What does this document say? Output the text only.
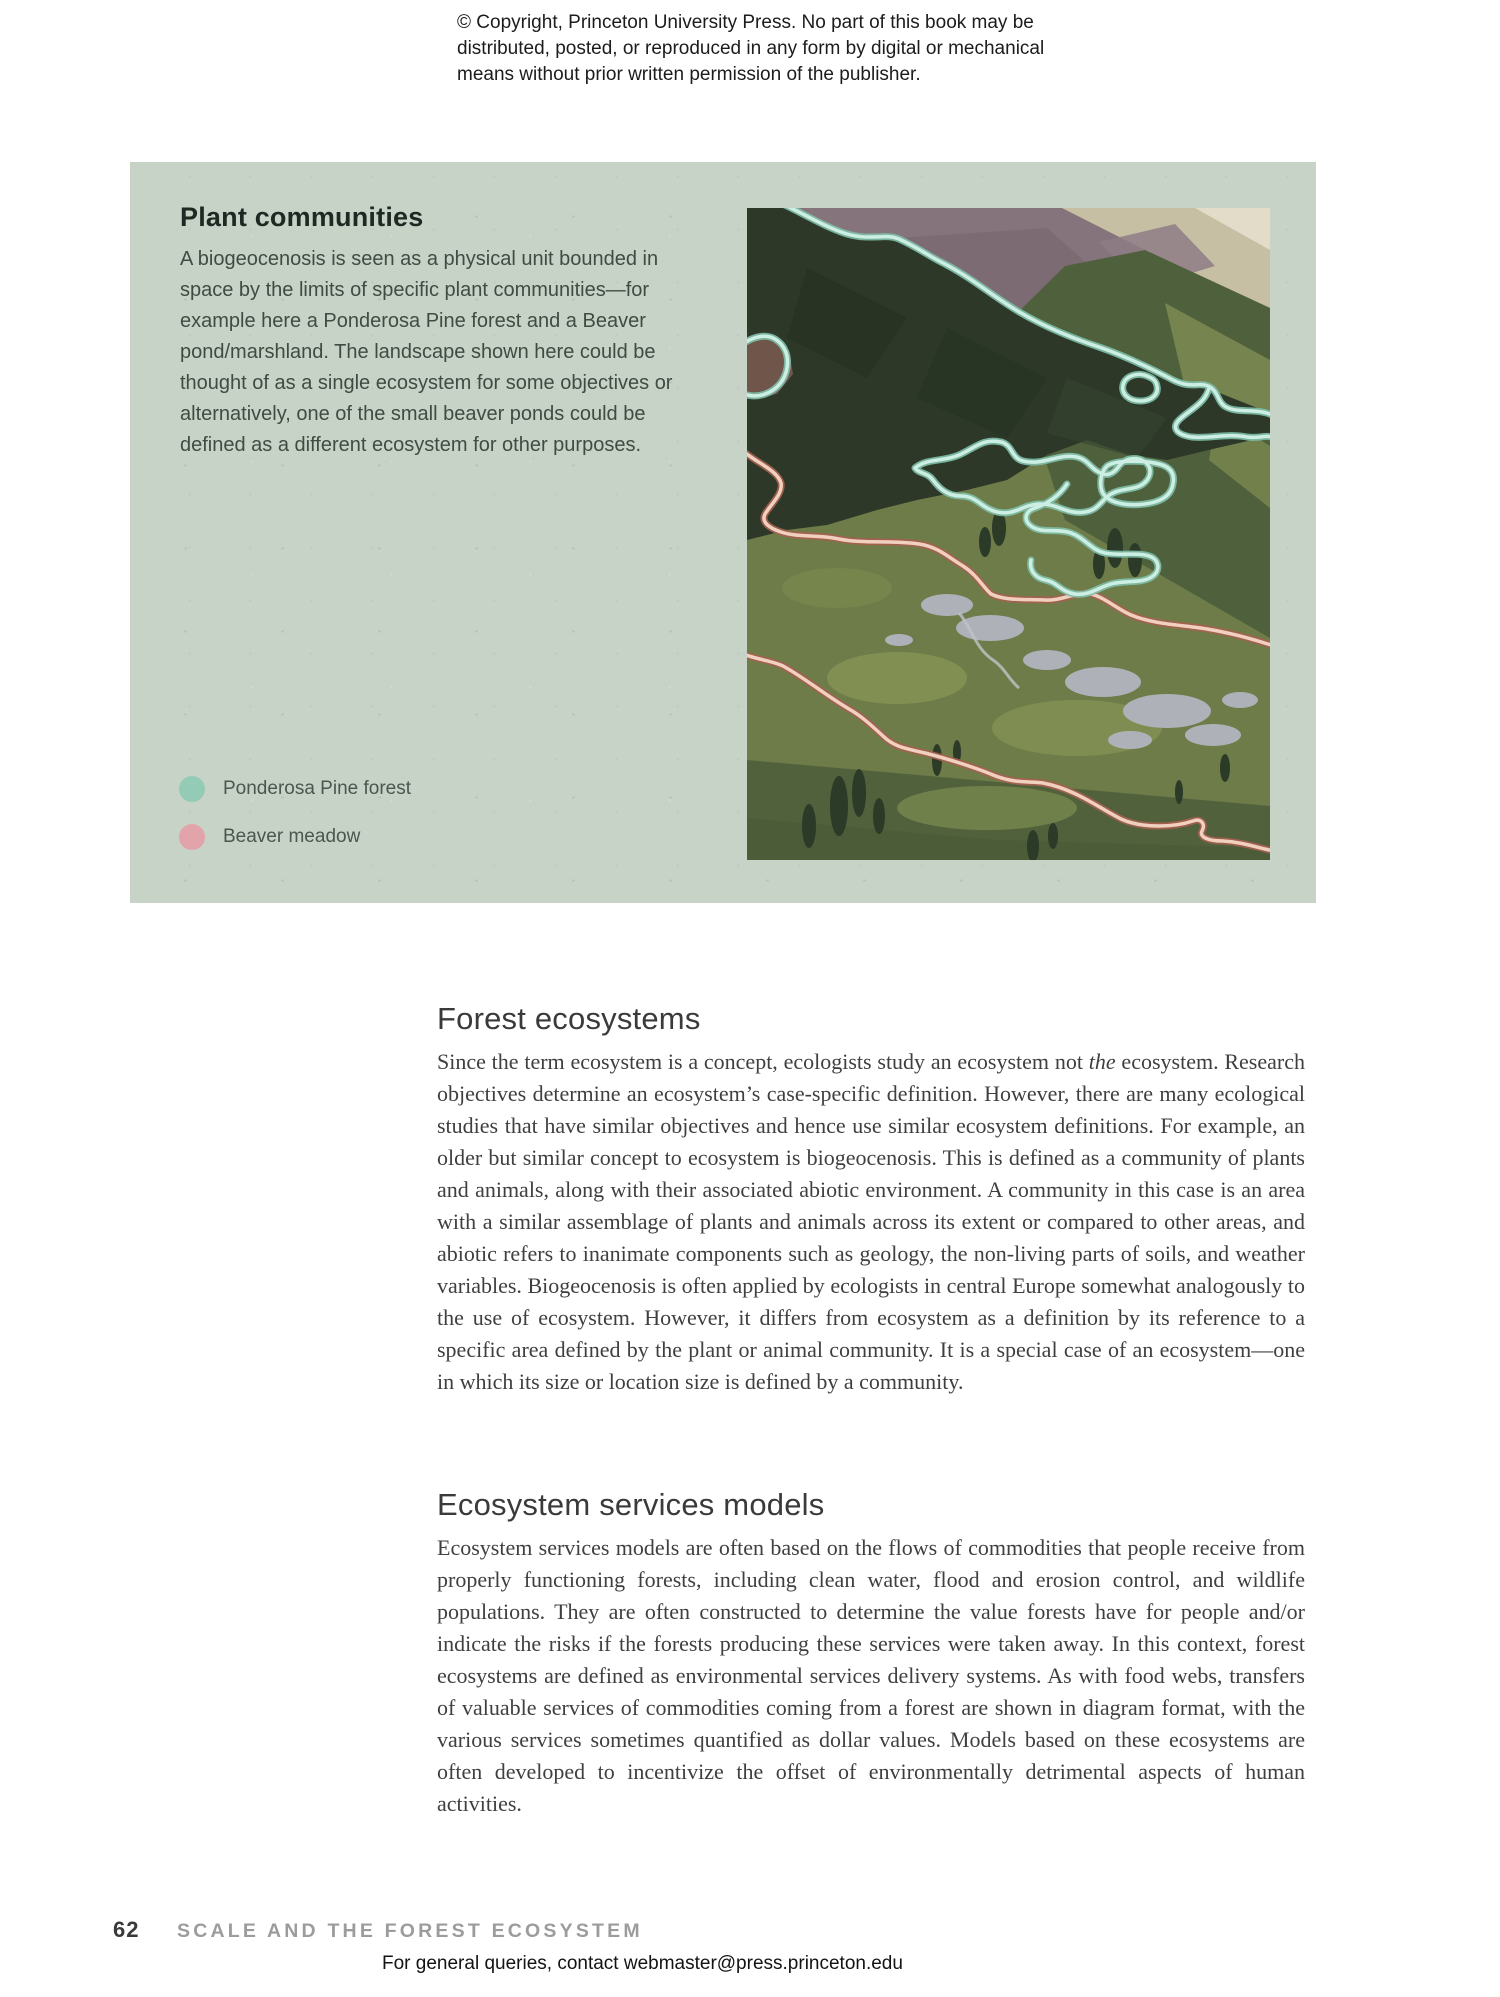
© Copyright, Princeton University Press. No part of this book may be
distributed, posted, or reproduced in any form by digital or mechanical
means without prior written permission of the publisher.
Plant communities
A biogeocenosis is seen as a physical unit bounded in space by the limits of specific plant communities—for example here a Ponderosa Pine forest and a Beaver pond/marshland. The landscape shown here could be thought of as a single ecosystem for some objectives or alternatively, one of the small beaver ponds could be defined as a different ecosystem for other purposes.
Ponderosa Pine forest
Beaver meadow
Forest ecosystems
Since the term ecosystem is a concept, ecologists study an ecosystem not the ecosystem. Research objectives determine an ecosystem’s case-specific definition. However, there are many ecological studies that have similar objectives and hence use similar ecosystem definitions. For example, an older but similar concept to ecosystem is biogeocenosis. This is defined as a community of plants and animals, along with their associated abiotic environment. A community in this case is an area with a similar assemblage of plants and animals across its extent or compared to other areas, and abiotic refers to inanimate components such as geology, the non-living parts of soils, and weather variables. Biogeocenosis is often applied by ecologists in central Europe somewhat analogously to the use of ecosystem. However, it differs from ecosystem as a definition by its reference to a specific area defined by the plant or animal community. It is a special case of an ecosystem—one in which its size or location size is defined by a community.
Ecosystem services models
Ecosystem services models are often based on the flows of commodities that people receive from properly functioning forests, including clean water, flood and erosion control, and wildlife populations. They are often constructed to determine the value forests have for people and/or indicate the risks if the forests producing these services were taken away. In this context, forest ecosystems are defined as environmental services delivery systems. As with food webs, transfers of valuable services of commodities coming from a forest are shown in diagram format, with the various services sometimes quantified as dollar values. Models based on these ecosystems are often developed to incentivize the offset of environmentally detrimental aspects of human activities.
62 SCALE AND THE FOREST ECOSYSTEM
For general queries, contact webmaster@press.princeton.edu
